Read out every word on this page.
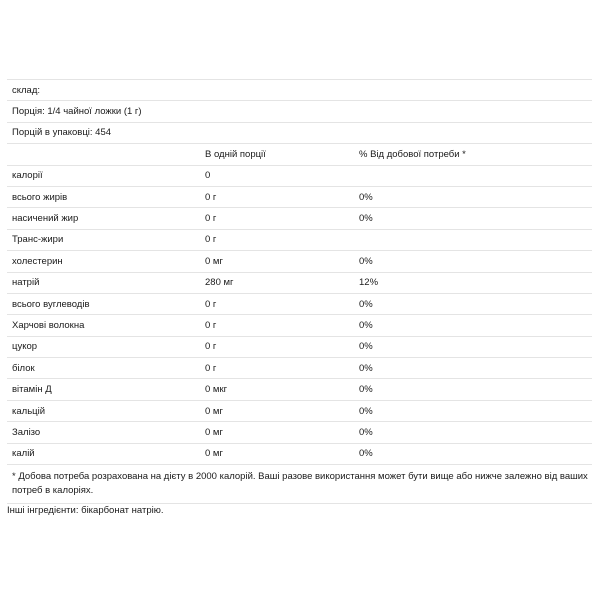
склад:		
Порція: 1/4 чайної ложки (1 г)		
Порцій в упаковці: 454		
	В одній порції	% Від добової потреби *
калорії	0	
всього жирів	0 г	0%
насичений жир	0 г	0%
Транс-жири	0 г	
холестерин	0 мг	0%
натрій	280 мг	12%
всього вуглеводів	0 г	0%
Харчові волокна	0 г	0%
цукор	0 г	0%
білок	0 г	0%
вітамін Д	0 мкг	0%
кальцій	0 мг	0%
Залізо	0 мг	0%
калій	0 мг	0%
* Добова потреба розрахована на дієту в 2000 калорій. Ваші разове використання может бути вище або нижче залежно від ваших потреб в калоріях.		
Інші інгредієнти: бікарбонат натрію.
